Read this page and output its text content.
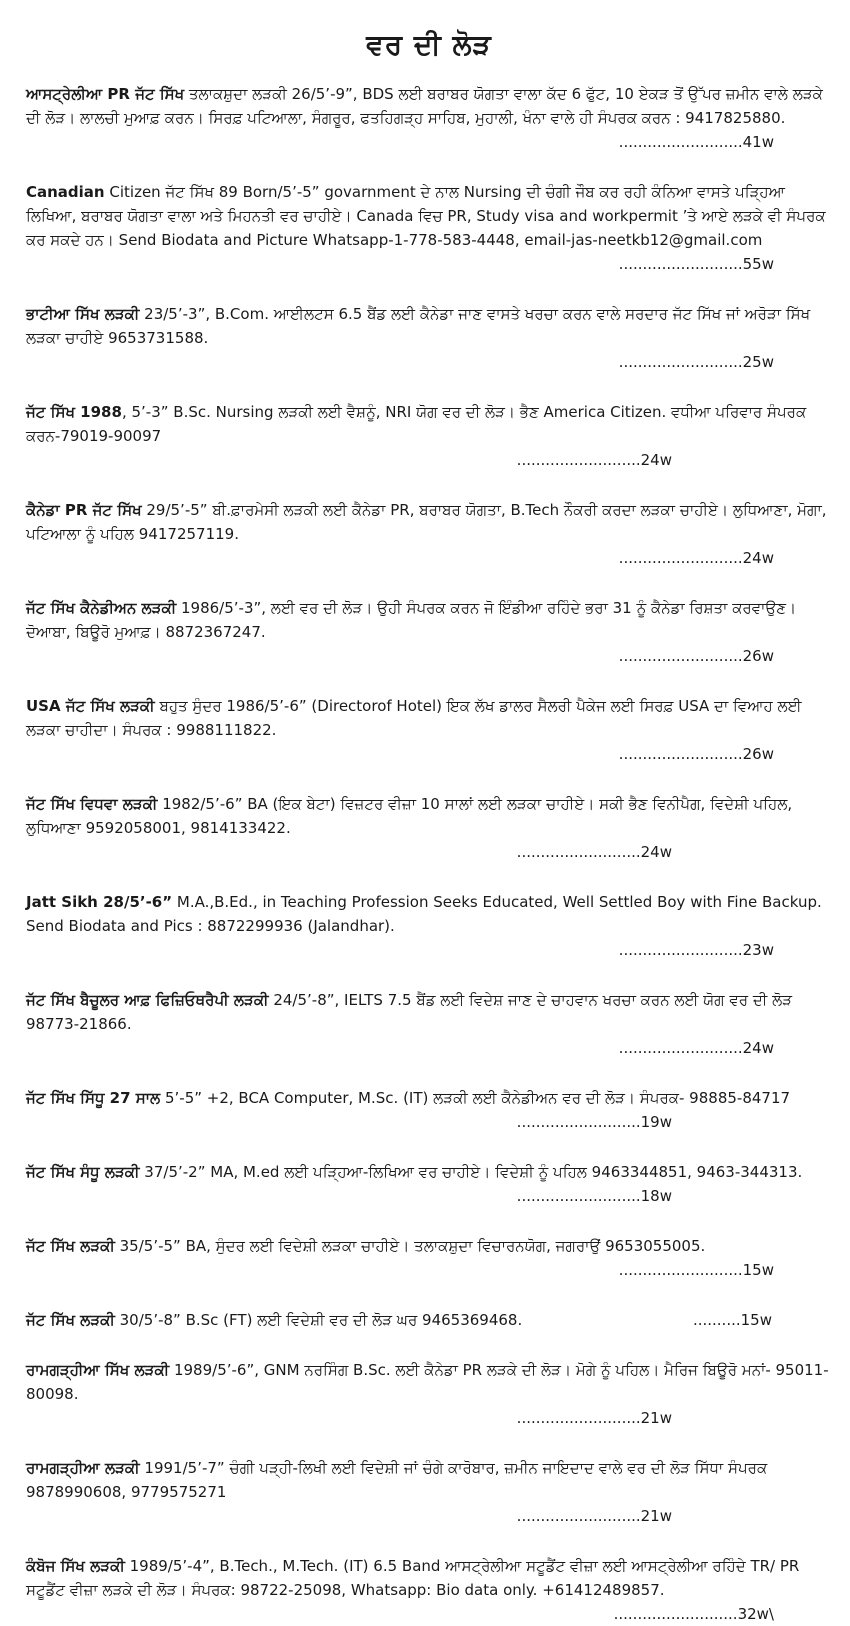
ਵਰ ਦੀ ਲੋੜ
ਆਸਟ੍ਰੇਲੀਆ PR ਜੱਟ ਸਿੱਖ ਤਲਾਕਸ਼ੁਦਾ ਲੜਕੀ 26/5’-9”, BDS ਲਈ ਬਰਾਬਰ ਯੋਗਤਾ ਵਾਲਾ ਕੱਦ 6 ਫੁੱਟ, 10 ਏਕੜ ਤੋਂ ਉੱਪਰ ਜ਼ਮੀਨ ਵਾਲੇ ਲੜਕੇ ਦੀ ਲੋੜ। ਲਾਲਚੀ ਮੁਆਫ਼ ਕਰਨ। ਸਿਰਫ਼ ਪਟਿਆਲਾ, ਸੰਗਰੂਰ, ਫਤਹਿਗੜ੍ਹ ਸਾਹਿਬ, ਮੁਹਾਲੀ, ਖੰਨਾ ਵਾਲੇ ਹੀ ਸੰਪਰਕ ਕਰਨ : 9417825880.
..........................41w
Canadian Citizen ਜੱਟ ਸਿੱਖ 89 Born/5’-5” govarnment ਦੇ ਨਾਲ Nursing ਦੀ ਚੰਗੀ ਜੌਬ ਕਰ ਰਹੀ ਕੰਨਿਆ ਵਾਸਤੇ ਪੜ੍ਹਿਆ ਲਿਖਿਆ, ਬਰਾਬਰ ਯੋਗਤਾ ਵਾਲਾ ਅਤੇ ਮਿਹਨਤੀ ਵਰ ਚਾਹੀਏ। Canada ਵਿਚ PR, Study visa and workpermit ’ਤੇ ਆਏ ਲੜਕੇ ਵੀ ਸੰਪਰਕ ਕਰ ਸਕਦੇ ਹਨ। Send Biodata and Picture Whatsapp-1-778-583-4448, email-jas-neetkb12@gmail.com
..........................55w
ਭਾਟੀਆ ਸਿੱਖ ਲੜਕੀ 23/5’-3”, B.Com. ਆਈਲਟਸ 6.5 ਬੈਂਡ ਲਈ ਕੈਨੇਡਾ ਜਾਣ ਵਾਸਤੇ ਖਰਚਾ ਕਰਨ ਵਾਲੇ ਸਰਦਾਰ ਜੱਟ ਸਿੱਖ ਜਾਂ ਅਰੋੜਾ ਸਿੱਖ ਲੜਕਾ ਚਾਹੀਏ 9653731588.
..........................25w
ਜੱਟ ਸਿੱਖ 1988, 5’-3” B.Sc. Nursing ਲੜਕੀ ਲਈ ਵੈਸ਼ਨੂੰ, NRI ਯੋਗ ਵਰ ਦੀ ਲੋੜ। ਭੈਣ America Citizen. ਵਧੀਆ ਪਰਿਵਾਰ ਸੰਪਰਕ ਕਰਨ-79019-90097
..........................24w
ਕੈਨੇਡਾ PR ਜੱਟ ਸਿੱਖ 29/5’-5” ਬੀ.ਫ਼ਾਰਮੇਸੀ ਲੜਕੀ ਲਈ ਕੈਨੇਡਾ PR, ਬਰਾਬਰ ਯੋਗਤਾ, B.Tech ਨੌਕਰੀ ਕਰਦਾ ਲੜਕਾ ਚਾਹੀਏ। ਲੁਧਿਆਣਾ, ਮੋਗਾ, ਪਟਿਆਲਾ ਨੂੰ ਪਹਿਲ 9417257119.
..........................24w
ਜੱਟ ਸਿੱਖ ਕੈਨੇਡੀਅਨ ਲੜਕੀ 1986/5’-3”, ਲਈ ਵਰ ਦੀ ਲੋੜ। ਉਹੀ ਸੰਪਰਕ ਕਰਨ ਜੋ ਇੰਡੀਆ ਰਹਿੰਦੇ ਭਰਾ 31 ਨੂੰ ਕੈਨੇਡਾ ਰਿਸ਼ਤਾ ਕਰਵਾਉਣ। ਦੋਆਬਾ, ਬਿਊਰੋ ਮੁਆਫ਼। 8872367247.
..........................26w
USA ਜੱਟ ਸਿੱਖ ਲੜਕੀ ਬਹੁਤ ਸੁੰਦਰ 1986/5’-6” (Directorof Hotel) ਇਕ ਲੱਖ ਡਾਲਰ ਸੈਲਰੀ ਪੈਕੇਜ ਲਈ ਸਿਰਫ਼ USA ਦਾ ਵਿਆਹ ਲਈ ਲੜਕਾ ਚਾਹੀਦਾ। ਸੰਪਰਕ : 9988111822.
..........................26w
ਜੱਟ ਸਿੱਖ ਵਿਧਵਾ ਲੜਕੀ 1982/5’-6” BA (ਇਕ ਬੇਟਾ) ਵਿਜ਼ਟਰ ਵੀਜ਼ਾ 10 ਸਾਲਾਂ ਲਈ ਲੜਕਾ ਚਾਹੀਏ। ਸਕੀ ਭੈਣ ਵਿਨੀਪੈਗ, ਵਿਦੇਸ਼ੀ ਪਹਿਲ, ਲੁਧਿਆਣਾ 9592058001, 9814133422.
..........................24w
Jatt Sikh 28/5’-6” M.A.,B.Ed., in Teaching Profession Seeks Educated, Well Settled Boy with Fine Backup. Send Biodata and Pics : 8872299936 (Jalandhar).
..........................23w
ਜੱਟ ਸਿੱਖ ਬੈਚੂਲਰ ਆਫ਼ ਫਿਜ਼ਿਓਥਰੈਪੀ ਲੜਕੀ 24/5’-8”, IELTS 7.5 ਬੈਂਡ ਲਈ ਵਿਦੇਸ਼ ਜਾਣ ਦੇ ਚਾਹਵਾਨ ਖਰਚਾ ਕਰਨ ਲਈ ਯੋਗ ਵਰ ਦੀ ਲੋੜ 98773-21866.
..........................24w
ਜੱਟ ਸਿੱਖ ਸਿੱਧੂ 27 ਸਾਲ 5’-5” +2, BCA Computer, M.Sc. (IT) ਲੜਕੀ ਲਈ ਕੈਨੇਡੀਅਨ ਵਰ ਦੀ ਲੋੜ। ਸੰਪਰਕ- 98885-84717
..........................19w
ਜੱਟ ਸਿੱਖ ਸੰਧੂ ਲੜਕੀ 37/5’-2” MA, M.ed ਲਈ ਪੜ੍ਹਿਆ-ਲਿਖਿਆ ਵਰ ਚਾਹੀਏ। ਵਿਦੇਸ਼ੀ ਨੂੰ ਪਹਿਲ 9463344851, 9463-344313.
..........................18w
ਜੱਟ ਸਿੱਖ ਲੜਕੀ 35/5’-5” BA, ਸੁੰਦਰ ਲਈ ਵਿਦੇਸ਼ੀ ਲੜਕਾ ਚਾਹੀਏ। ਤਲਾਕਸ਼ੁਦਾ ਵਿਚਾਰਨਯੋਗ, ਜਗਰਾਉਂ 9653055005.
..........................15w
ਜੱਟ ਸਿੱਖ ਲੜਕੀ 30/5’-8” B.Sc (FT) ਲਈ ਵਿਦੇਸ਼ੀ ਵਰ ਦੀ ਲੋੜ ਘਰ 9465369468.	..........15w
ਰਾਮਗੜ੍ਹੀਆ ਸਿੱਖ ਲੜਕੀ 1989/5’-6”, GNM ਨਰਸਿੰਗ B.Sc. ਲਈ ਕੈਨੇਡਾ PR ਲੜਕੇ ਦੀ ਲੋੜ। ਮੋਗੇ ਨੂੰ ਪਹਿਲ। ਮੈਰਿਜ ਬਿਊਰੋ ਮਨਾਂ- 95011-80098.
..........................21w
ਰਾਮਗੜ੍ਹੀਆ ਲੜਕੀ 1991/5’-7” ਚੰਗੀ ਪੜ੍ਹੀ-ਲਿਖੀ ਲਈ ਵਿਦੇਸ਼ੀ ਜਾਂ ਚੰਗੇ ਕਾਰੋਬਾਰ, ਜ਼ਮੀਨ ਜਾਇਦਾਦ ਵਾਲੇ ਵਰ ਦੀ ਲੋੜ ਸਿੱਧਾ ਸੰਪਰਕ 9878990608, 9779575271
..........................21w
ਕੰਬੋਜ ਸਿੱਖ ਲੜਕੀ 1989/5’-4”, B.Tech., M.Tech. (IT) 6.5 Band ਆਸਟ੍ਰੇਲੀਆ ਸਟੂਡੈਂਟ ਵੀਜ਼ਾ ਲਈ ਆਸਟ੍ਰੇਲੀਆ ਰਹਿੰਦੇ TR/ PR ਸਟੂਡੈਂਟ ਵੀਜ਼ਾ ਲੜਕੇ ਦੀ ਲੋੜ। ਸੰਪਰਕ: 98722-25098, Whatsapp: Bio data only. +61412489857.
..........................32w\
